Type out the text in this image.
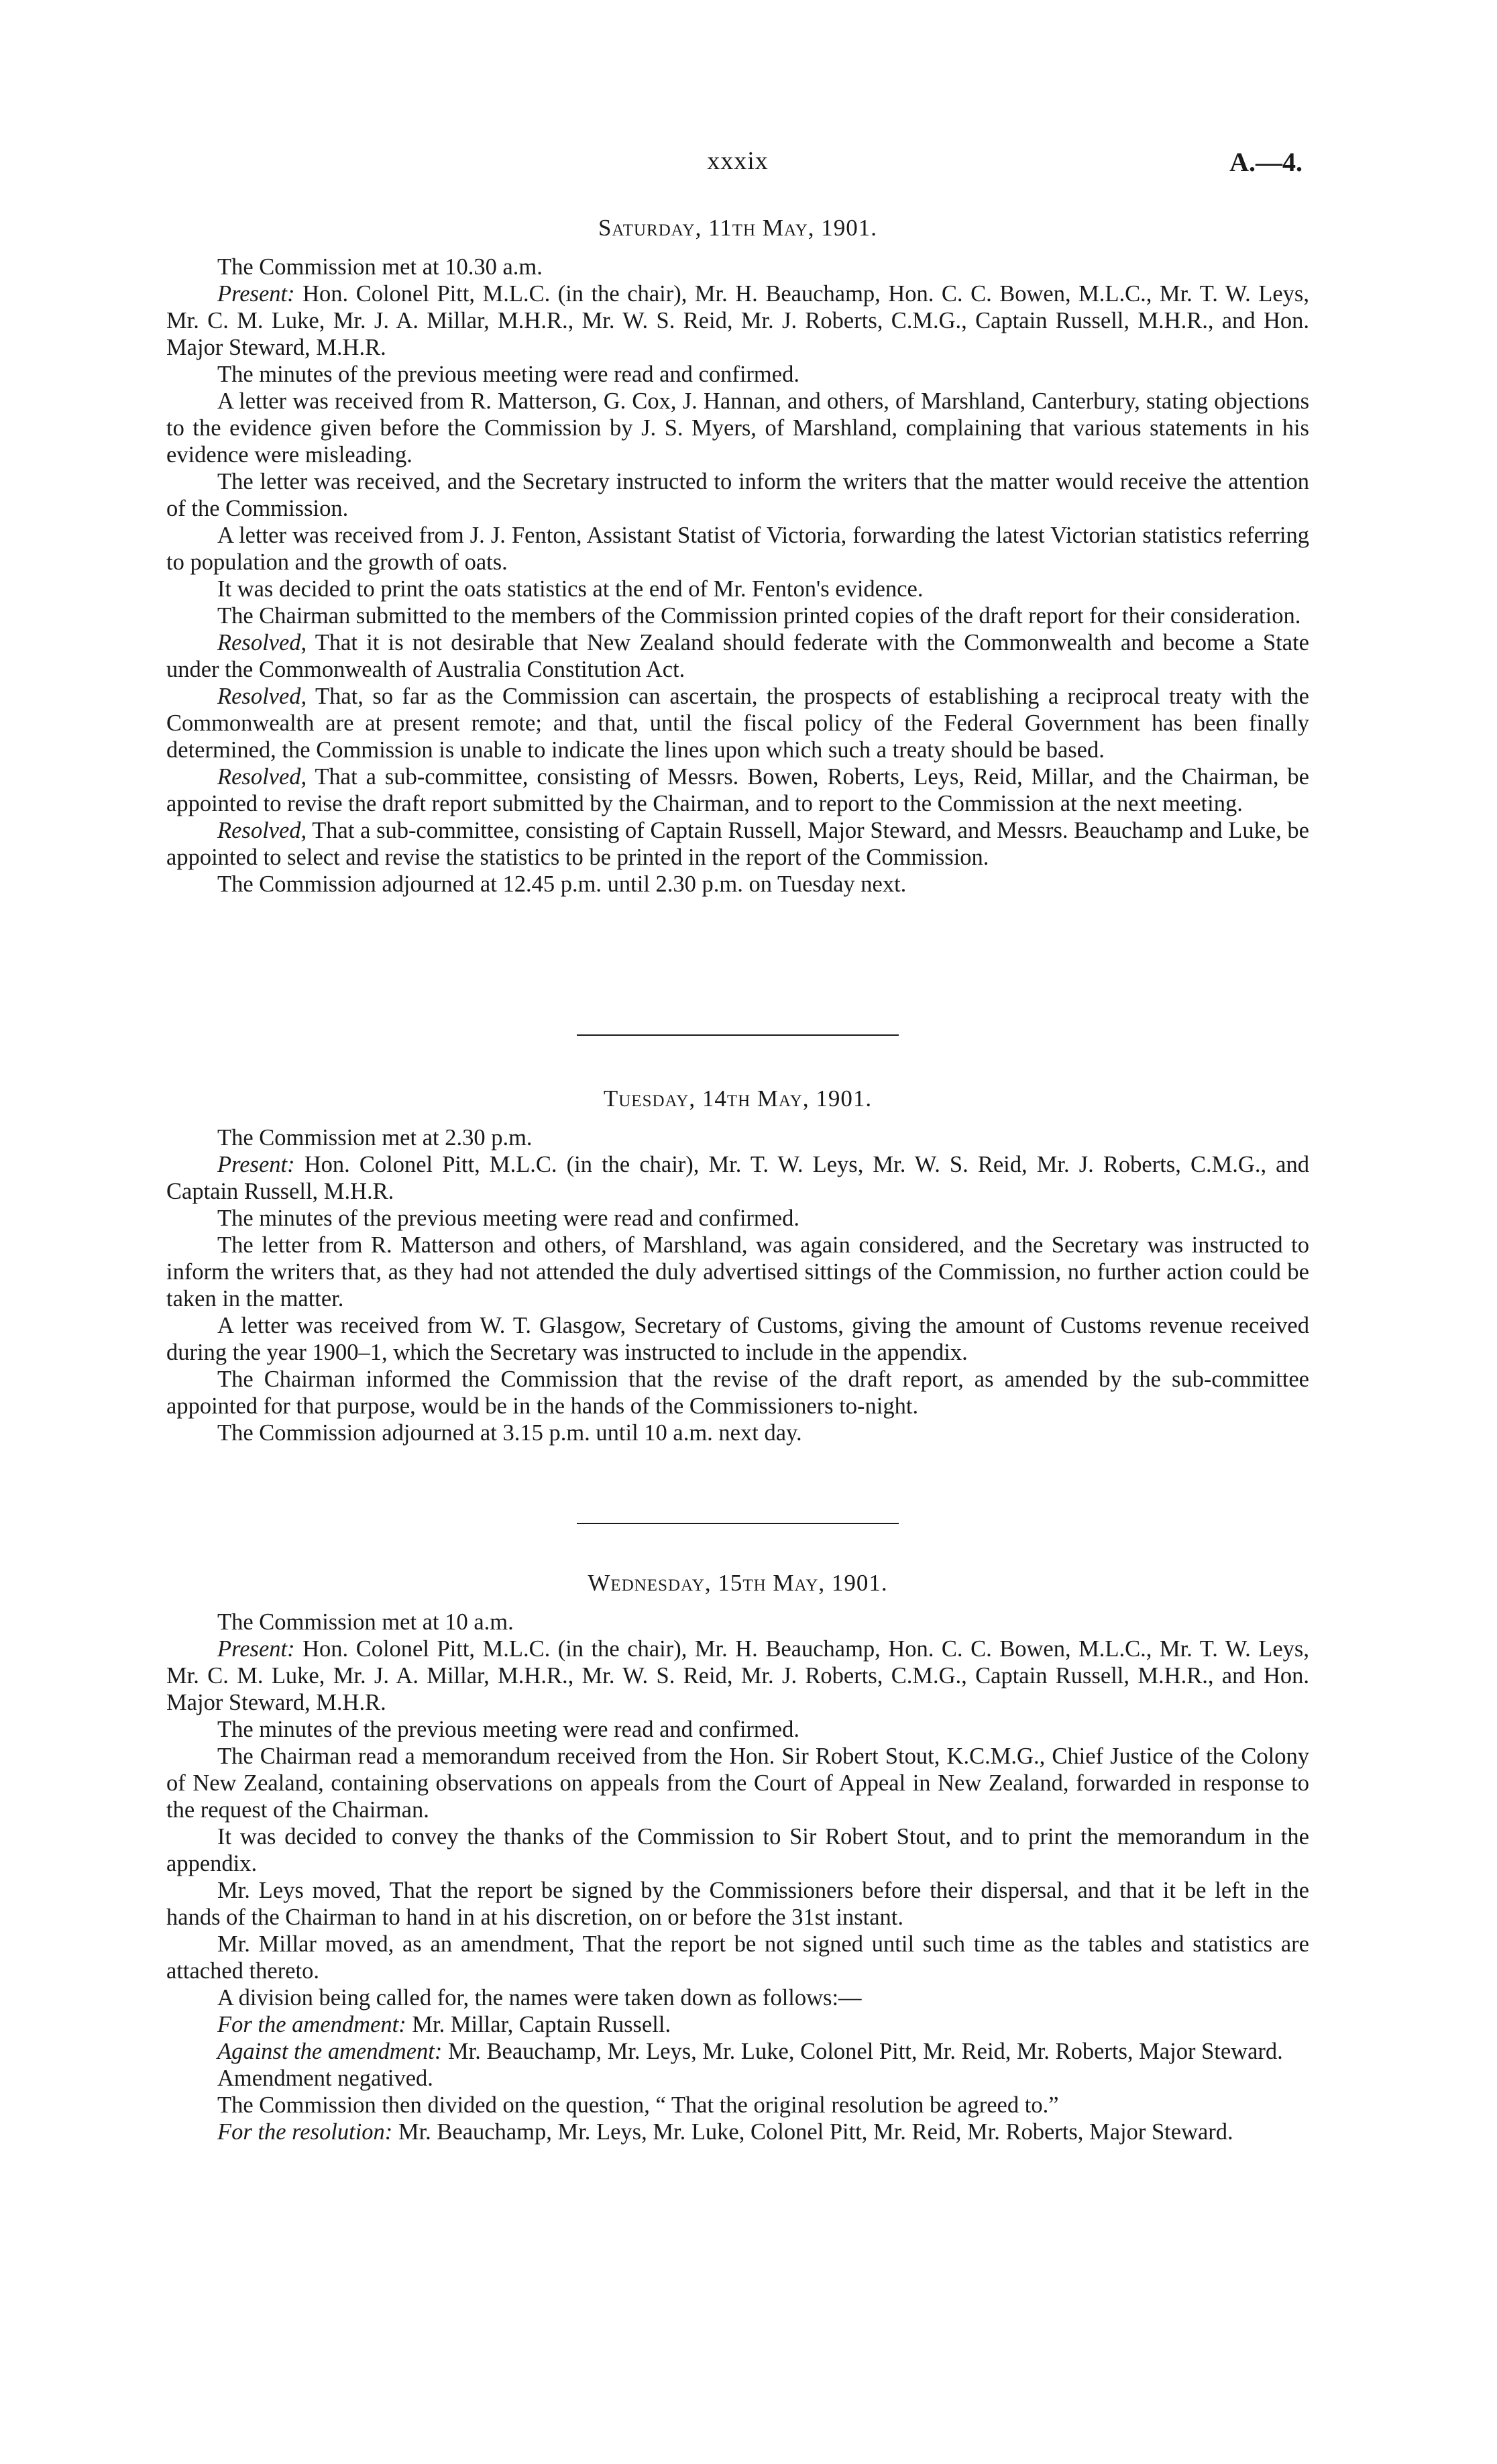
xxxix	A.—4.
Saturday, 11th May, 1901.

The Commission met at 10.30 a.m.

Present: Hon. Colonel Pitt, M.L.C. (in the chair), Mr. H. Beauchamp, Hon. C. C. Bowen, M.L.C., Mr. T. W. Leys, Mr. C. M. Luke, Mr. J. A. Millar, M.H.R., Mr. W. S. Reid, Mr. J. Roberts, C.M.G., Captain Russell, M.H.R., and Hon. Major Steward, M.H.R.

The minutes of the previous meeting were read and confirmed.

A letter was received from R. Matterson, G. Cox, J. Hannan, and others, of Marshland, Canterbury, stating objections to the evidence given before the Commission by J. S. Myers, of Marshland, complaining that various statements in his evidence were misleading.

The letter was received, and the Secretary instructed to inform the writers that the matter would receive the attention of the Commission.

A letter was received from J. J. Fenton, Assistant Statist of Victoria, forwarding the latest Victorian statistics referring to population and the growth of oats.

It was decided to print the oats statistics at the end of Mr. Fenton's evidence.

The Chairman submitted to the members of the Commission printed copies of the draft report for their consideration.

Resolved, That it is not desirable that New Zealand should federate with the Commonwealth and become a State under the Commonwealth of Australia Constitution Act.

Resolved, That, so far as the Commission can ascertain, the prospects of establishing a reciprocal treaty with the Commonwealth are at present remote; and that, until the fiscal policy of the Federal Government has been finally determined, the Commission is unable to indicate the lines upon which such a treaty should be based.

Resolved, That a sub-committee, consisting of Messrs. Bowen, Roberts, Leys, Reid, Millar, and the Chairman, be appointed to revise the draft report submitted by the Chairman, and to report to the Commission at the next meeting.

Resolved, That a sub-committee, consisting of Captain Russell, Major Steward, and Messrs. Beauchamp and Luke, be appointed to select and revise the statistics to be printed in the report of the Commission.

The Commission adjourned at 12.45 p.m. until 2.30 p.m. on Tuesday next.

Tuesday, 14th May, 1901.

The Commission met at 2.30 p.m.

Present: Hon. Colonel Pitt, M.L.C. (in the chair), Mr. T. W. Leys, Mr. W. S. Reid, Mr. J. Roberts, C.M.G., and Captain Russell, M.H.R.

The minutes of the previous meeting were read and confirmed.

The letter from R. Matterson and others, of Marshland, was again considered, and the Secretary was instructed to inform the writers that, as they had not attended the duly advertised sittings of the Commission, no further action could be taken in the matter.

A letter was received from W. T. Glasgow, Secretary of Customs, giving the amount of Customs revenue received during the year 1900–1, which the Secretary was instructed to include in the appendix.

The Chairman informed the Commission that the revise of the draft report, as amended by the sub-committee appointed for that purpose, would be in the hands of the Commissioners to-night.

The Commission adjourned at 3.15 p.m. until 10 a.m. next day.

Wednesday, 15th May, 1901.

The Commission met at 10 a.m.

Present: Hon. Colonel Pitt, M.L.C. (in the chair), Mr. H. Beauchamp, Hon. C. C. Bowen, M.L.C., Mr. T. W. Leys, Mr. C. M. Luke, Mr. J. A. Millar, M.H.R., Mr. W. S. Reid, Mr. J. Roberts, C.M.G., Captain Russell, M.H.R., and Hon. Major Steward, M.H.R.

The minutes of the previous meeting were read and confirmed.

The Chairman read a memorandum received from the Hon. Sir Robert Stout, K.C.M.G., Chief Justice of the Colony of New Zealand, containing observations on appeals from the Court of Appeal in New Zealand, forwarded in response to the request of the Chairman.

It was decided to convey the thanks of the Commission to Sir Robert Stout, and to print the memorandum in the appendix.

Mr. Leys moved, That the report be signed by the Commissioners before their dispersal, and that it be left in the hands of the Chairman to hand in at his discretion, on or before the 31st instant.

Mr. Millar moved, as an amendment, That the report be not signed until such time as the tables and statistics are attached thereto.

A division being called for, the names were taken down as follows:—

For the amendment: Mr. Millar, Captain Russell.

Against the amendment: Mr. Beauchamp, Mr. Leys, Mr. Luke, Colonel Pitt, Mr. Reid, Mr. Roberts, Major Steward.

Amendment negatived.

The Commission then divided on the question, “ That the original resolution be agreed to.”

For the resolution: Mr. Beauchamp, Mr. Leys, Mr. Luke, Colonel Pitt, Mr. Reid, Mr. Roberts, Major Steward.
